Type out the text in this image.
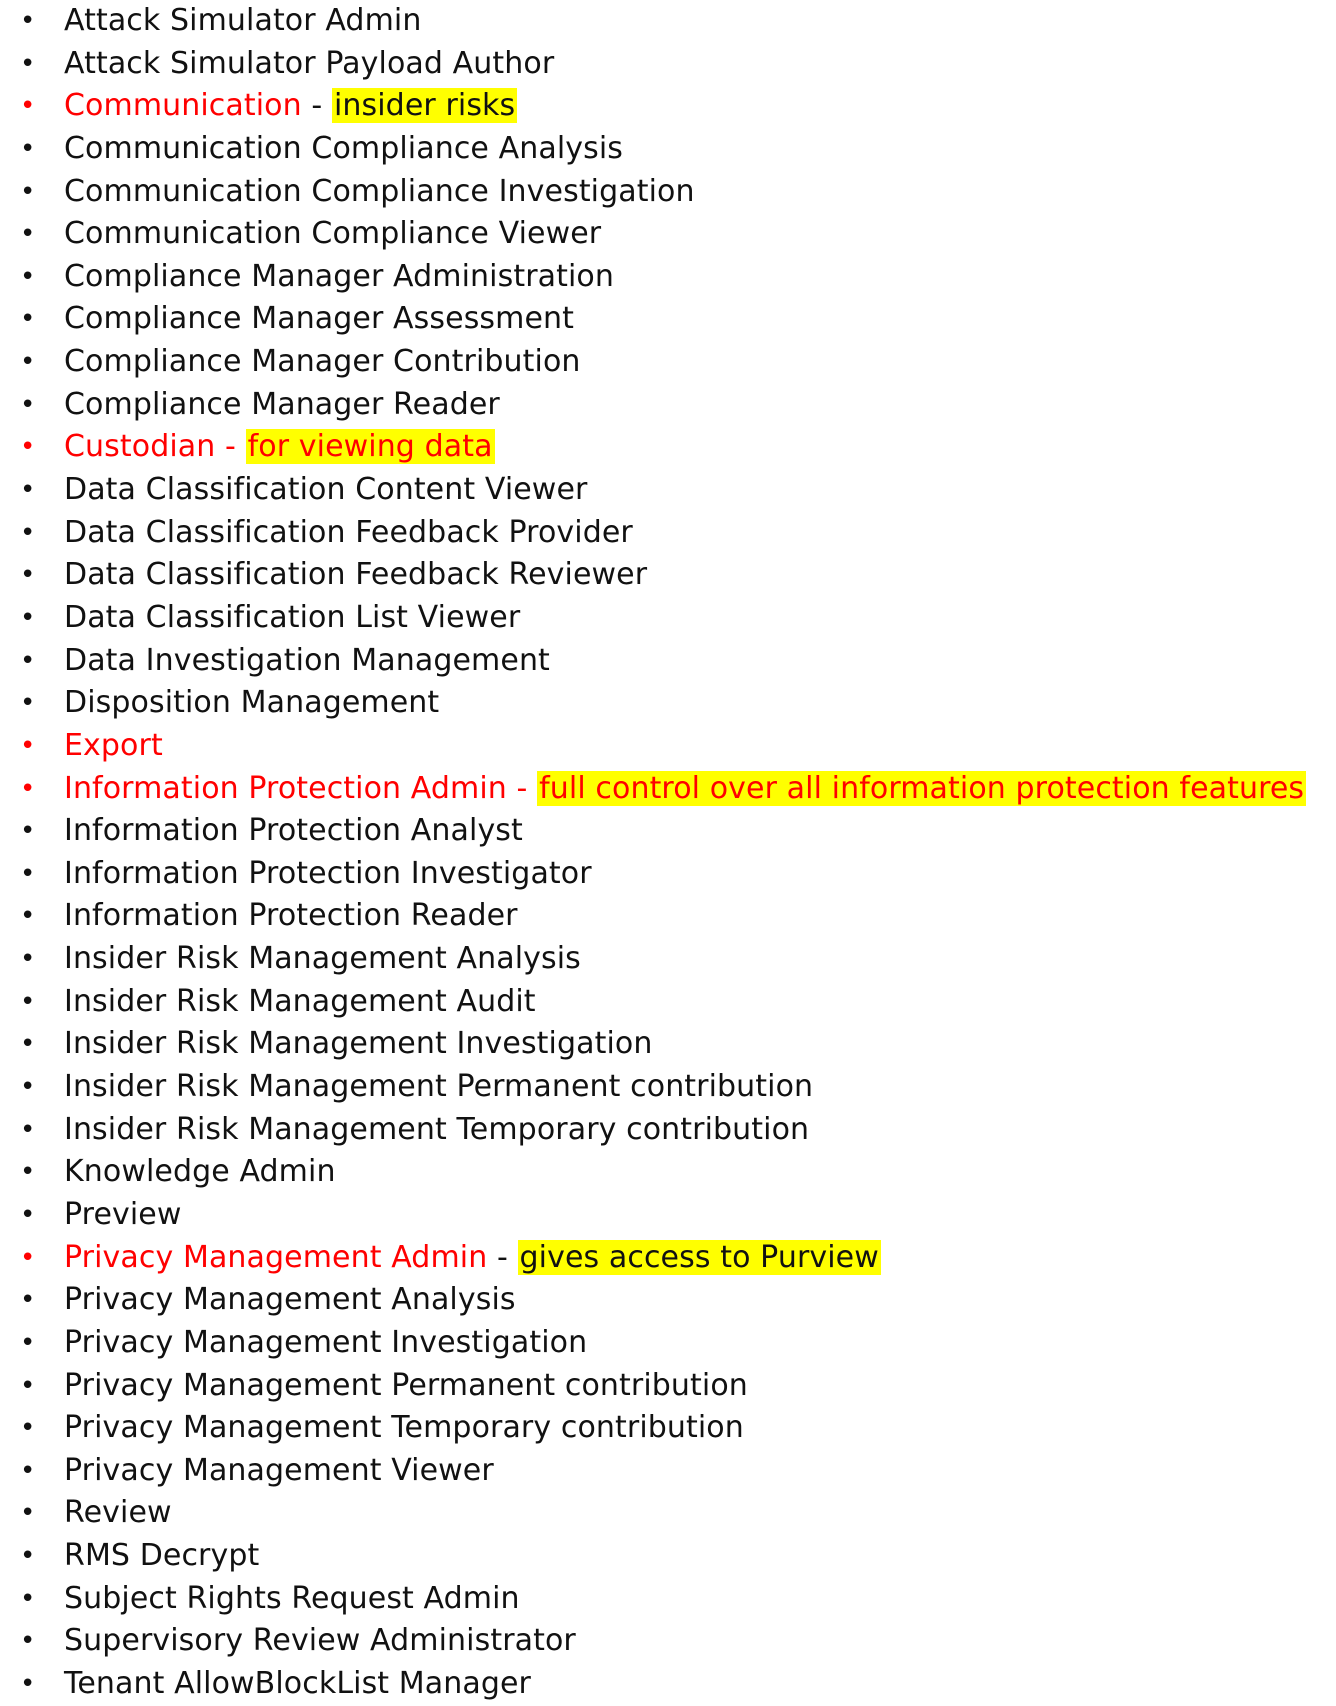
• Attack Simulator Admin
• Attack Simulator Payload Author
• Communication - insider risks
• Communication Compliance Analysis
• Communication Compliance Investigation
• Communication Compliance Viewer
• Compliance Manager Administration
• Compliance Manager Assessment
• Compliance Manager Contribution
• Compliance Manager Reader
• Custodian - for viewing data
• Data Classification Content Viewer
• Data Classification Feedback Provider
• Data Classification Feedback Reviewer
• Data Classification List Viewer
• Data Investigation Management
• Disposition Management
• Export
• Information Protection Admin - full control over all information protection features
• Information Protection Analyst
• Information Protection Investigator
• Information Protection Reader
• Insider Risk Management Analysis
• Insider Risk Management Audit
• Insider Risk Management Investigation
• Insider Risk Management Permanent contribution
• Insider Risk Management Temporary contribution
• Knowledge Admin
• Preview
• Privacy Management Admin - gives access to Purview
• Privacy Management Analysis
• Privacy Management Investigation
• Privacy Management Permanent contribution
• Privacy Management Temporary contribution
• Privacy Management Viewer
• Review
• RMS Decrypt
• Subject Rights Request Admin
• Supervisory Review Administrator
• Tenant AllowBlockList Manager
